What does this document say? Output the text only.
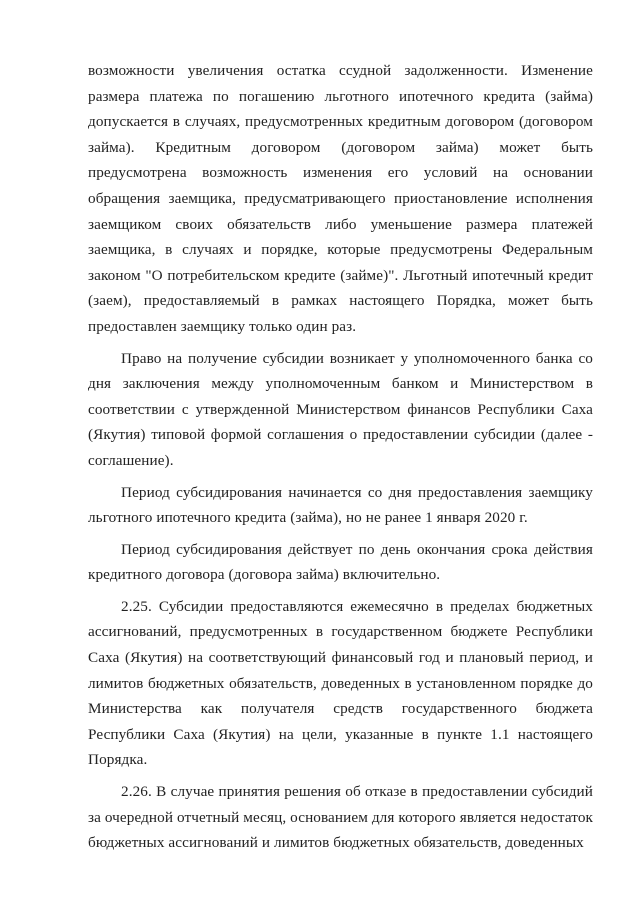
возможности увеличения остатка ссудной задолженности. Изменение размера платежа по погашению льготного ипотечного кредита (займа) допускается в случаях, предусмотренных кредитным договором (договором займа). Кредитным договором (договором займа) может быть предусмотрена возможность изменения его условий на основании обращения заемщика, предусматривающего приостановление исполнения заемщиком своих обязательств либо уменьшение размера платежей заемщика, в случаях и порядке, которые предусмотрены Федеральным законом "О потребительском кредите (займе)". Льготный ипотечный кредит (заем), предоставляемый в рамках настоящего Порядка, может быть предоставлен заемщику только один раз.

Право на получение субсидии возникает у уполномоченного банка со дня заключения между уполномоченным банком и Министерством в соответствии с утвержденной Министерством финансов Республики Саха (Якутия) типовой формой соглашения о предоставлении субсидии (далее - соглашение).

Период субсидирования начинается со дня предоставления заемщику льготного ипотечного кредита (займа), но не ранее 1 января 2020 г.

Период субсидирования действует по день окончания срока действия кредитного договора (договора займа) включительно.

2.25. Субсидии предоставляются ежемесячно в пределах бюджетных ассигнований, предусмотренных в государственном бюджете Республики Саха (Якутия) на соответствующий финансовый год и плановый период, и лимитов бюджетных обязательств, доведенных в установленном порядке до Министерства как получателя средств государственного бюджета Республики Саха (Якутия) на цели, указанные в пункте 1.1 настоящего Порядка.

2.26. В случае принятия решения об отказе в предоставлении субсидий за очередной отчетный месяц, основанием для которого является недостаток бюджетных ассигнований и лимитов бюджетных обязательств, доведенных
